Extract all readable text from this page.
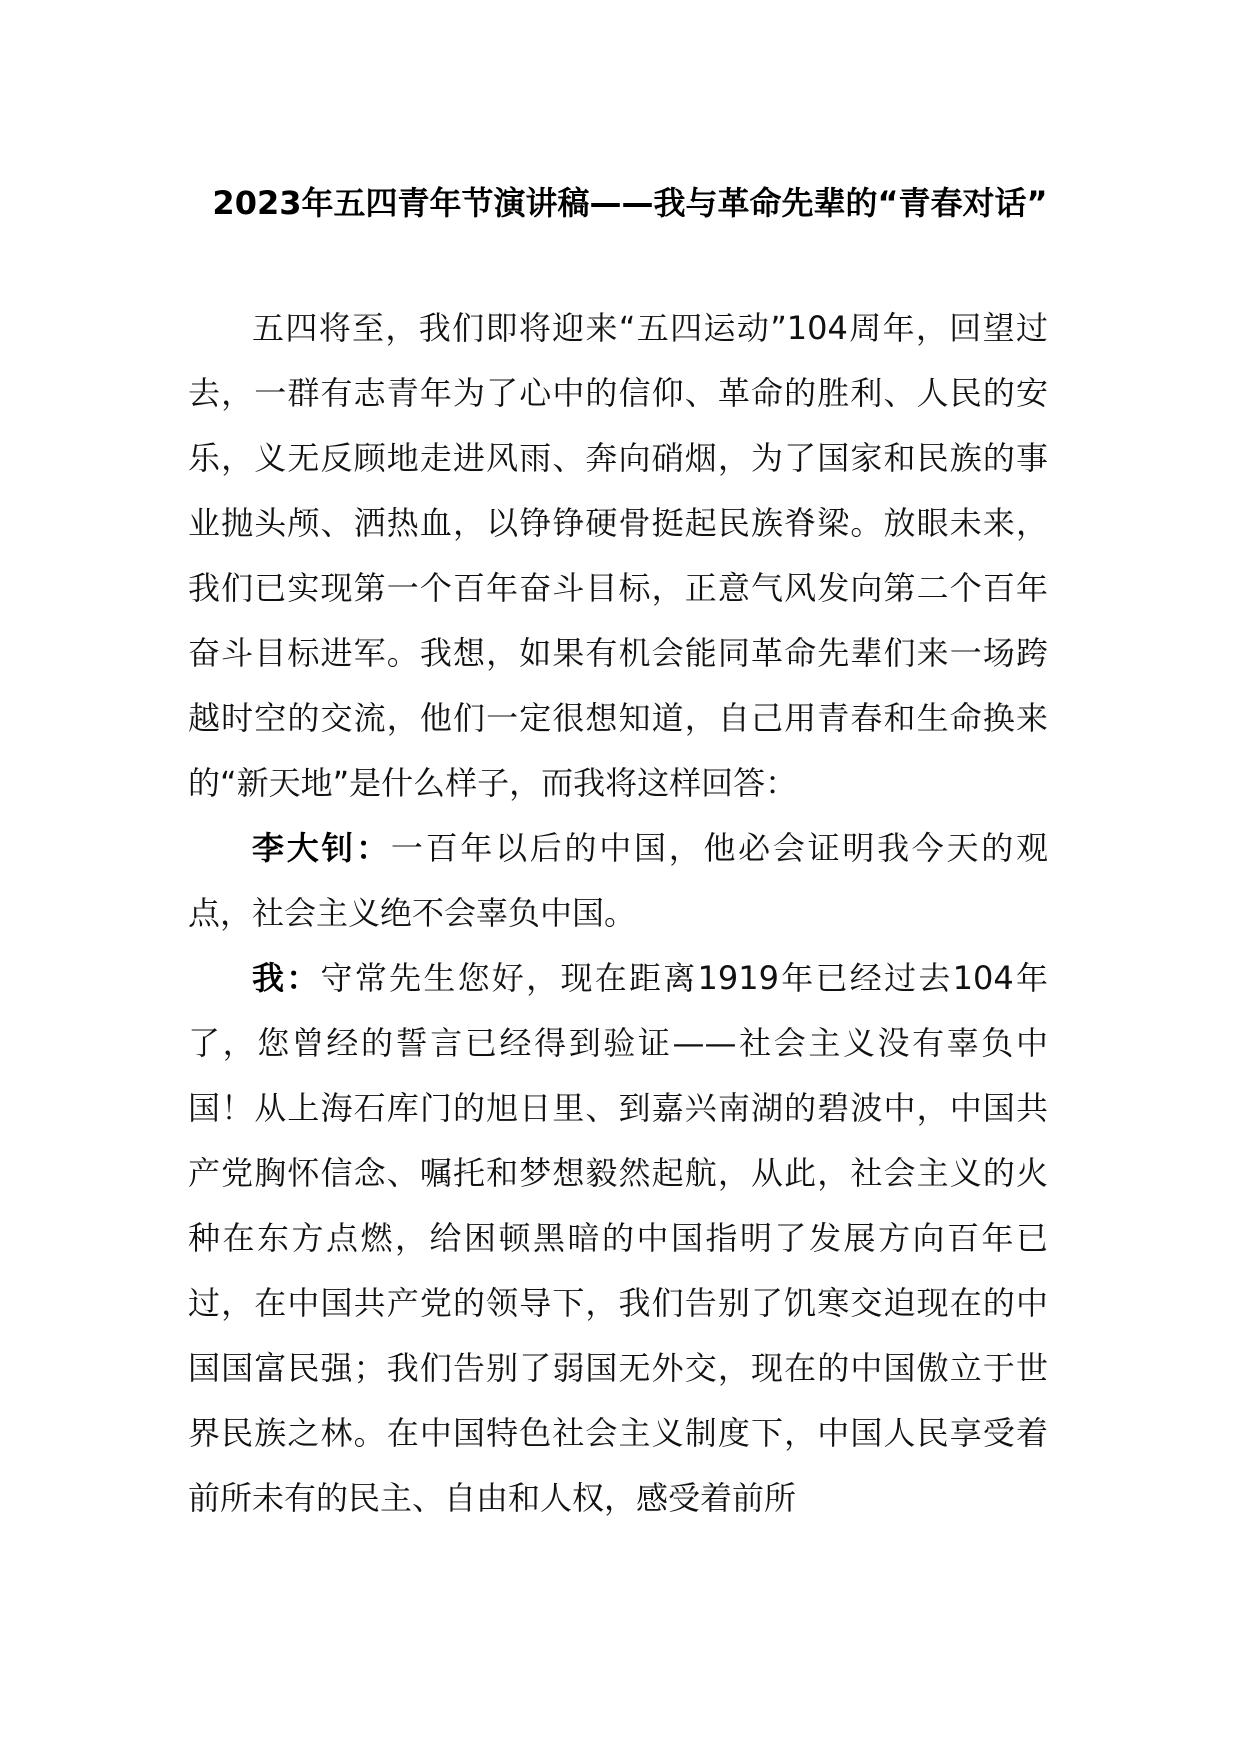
2023年五四青年节演讲稿——我与革命先辈的“青春对话”

五四将至，我们即将迎来“五四运动”104周年，回望过去，一群有志青年为了心中的信仰、革命的胜利、人民的安乐，义无反顾地走进风雨、奔向硝烟，为了国家和民族的事业抛头颅、洒热血，以铮铮硬骨挺起民族脊梁。放眼未来，我们已实现第一个百年奋斗目标，正意气风发向第二个百年奋斗目标进军。我想，如果有机会能同革命先辈们来一场跨越时空的交流，他们一定很想知道，自己用青春和生命换来的“新天地”是什么样子，而我将这样回答：

李大钊：一百年以后的中国，他必会证明我今天的观点，社会主义绝不会辜负中国。

我：守常先生您好，现在距离1919年已经过去104年了，您曾经的誓言已经得到验证——社会主义没有辜负中国！从上海石库门的旭日里、到嘉兴南湖的碧波中，中国共产党胸怀信念、嘱托和梦想毅然起航，从此，社会主义的火种在东方点燃，给困顿黑暗的中国指明了发展方向百年已过，在中国共产党的领导下，我们告别了饥寒交迫现在的中国国富民强；我们告别了弱国无外交，现在的中国傲立于世界民族之林。在中国特色社会主义制度下，中国人民享受着前所未有的民主、自由和人权，感受着前所
